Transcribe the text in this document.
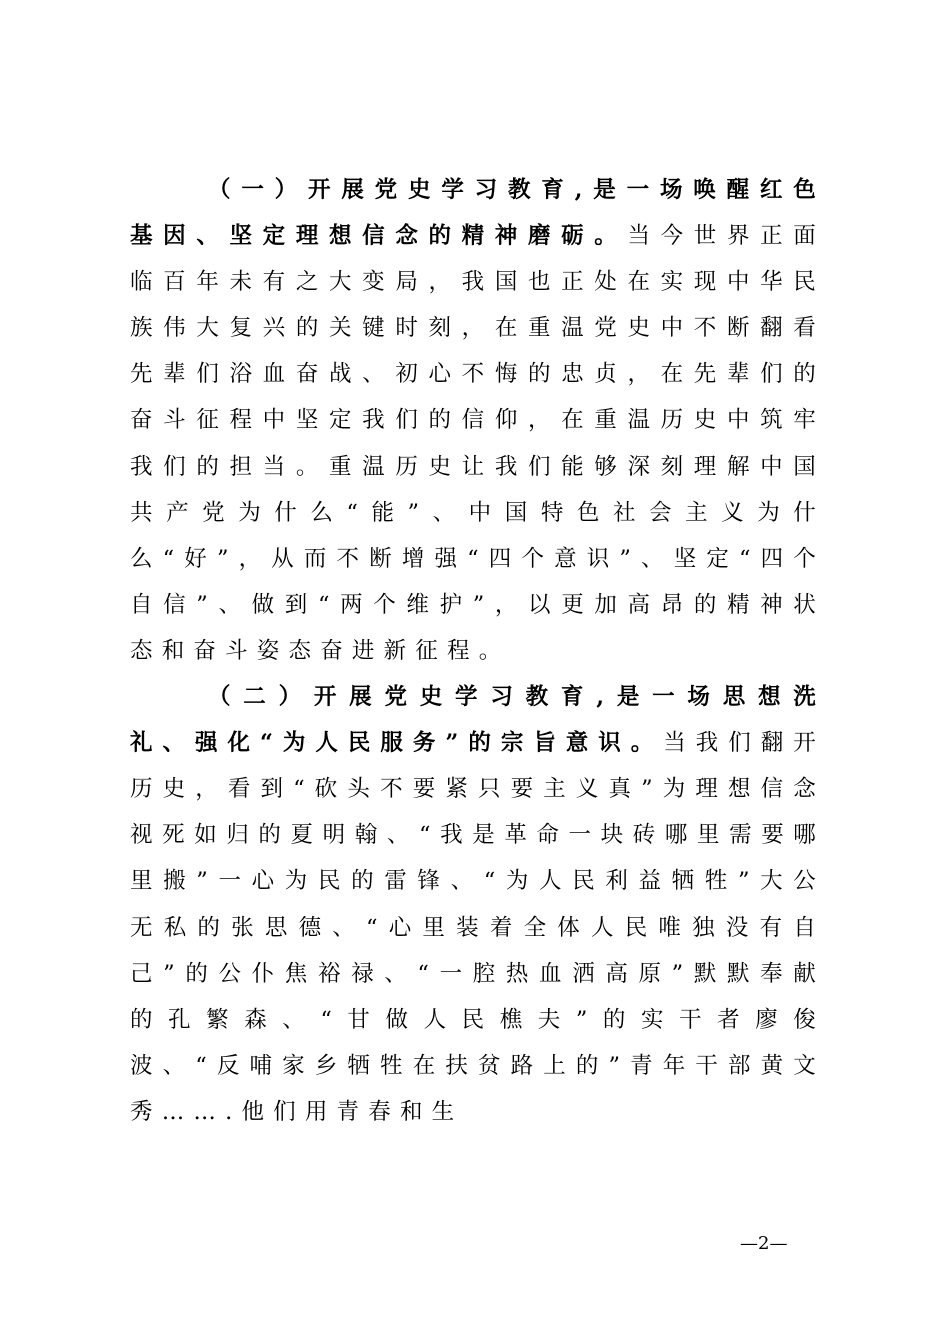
（一）开展党史学习教育,是一场唤醒红色基因、坚定理想信念的精神磨砺。当今世界正面临百年未有之大变局，我国也正处在实现中华民族伟大复兴的关键时刻，在重温党史中不断翻看先辈们浴血奋战、初心不悔的忠贞，在先辈们的奋斗征程中坚定我们的信仰，在重温历史中筑牢我们的担当。重温历史让我们能够深刻理解中国共产党为什么“能”、中国特色社会主义为什么“好”，从而不断增强“四个意识”、坚定“四个自信”、做到“两个维护”，以更加高昂的精神状态和奋斗姿态奋进新征程。

（二）开展党史学习教育,是一场思想洗礼、强化“为人民服务”的宗旨意识。当我们翻开历史，看到“砍头不要紧只要主义真”为理想信念视死如归的夏明翰、“我是革命一块砖哪里需要哪里搬”一心为民的雷锋、“为人民利益牺牲”大公无私的张思德、“心里装着全体人民唯独没有自己”的公仆焦裕禄、“一腔热血洒高原”默默奉献的孔繁森、“甘做人民樵夫”的实干者廖俊波、“反哺家乡牺牲在扶贫路上的”青年干部黄文秀…….他们用青春和生

—2—
